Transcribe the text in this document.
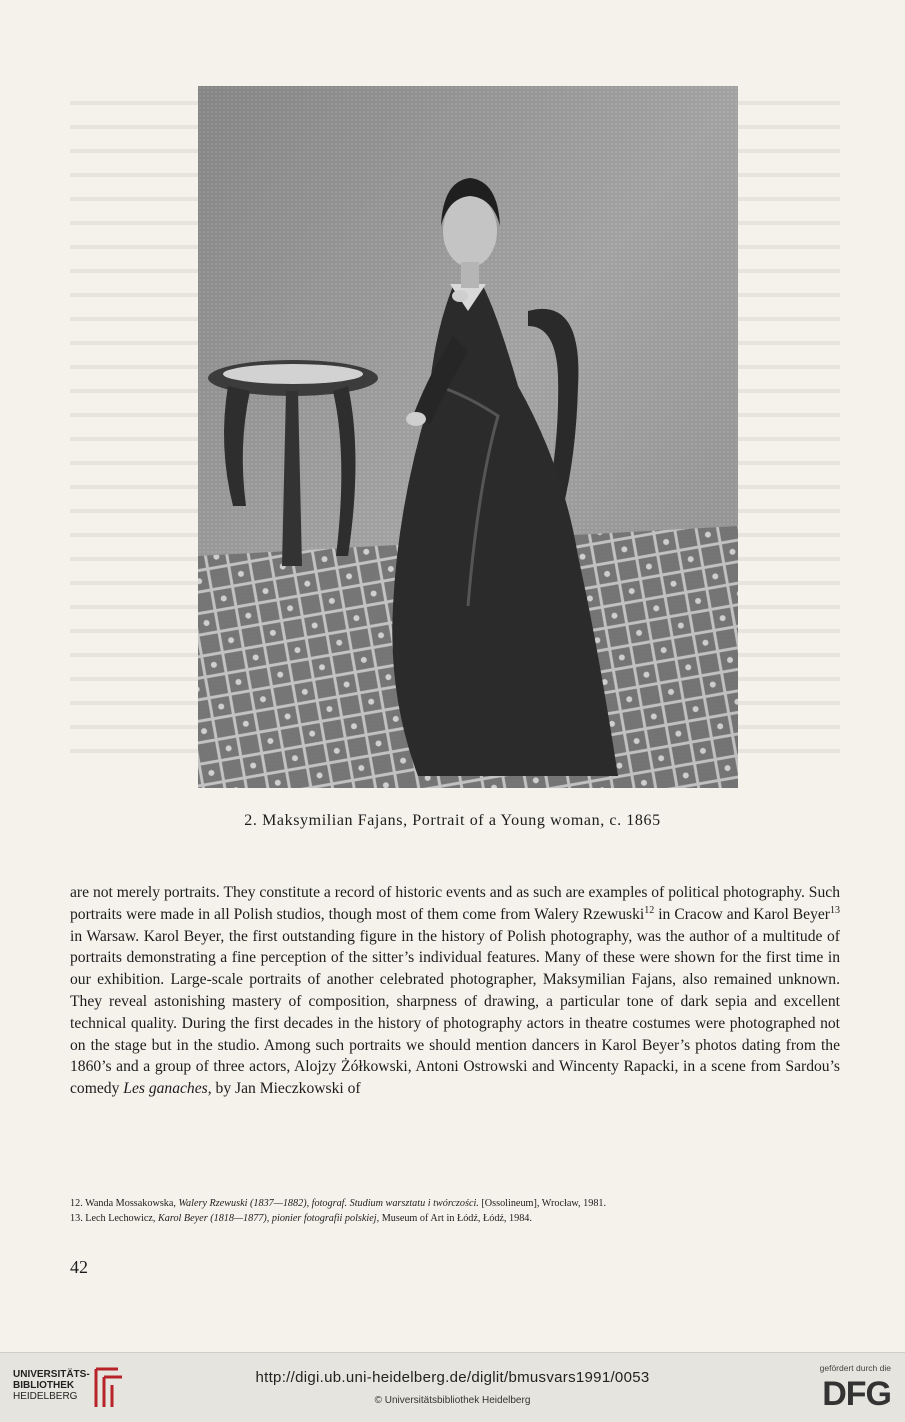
2. Maksymilian Fajans, Portrait of a Young woman, c. 1865

are not merely portraits. They constitute a record of historic events and as such are examples of political photography. Such portraits were made in all Polish studios, though most of them come from Walery Rzewuski$^{12}$ in Cracow and Karol Beyer$^{13}$ in Warsaw. Karol Beyer, the first outstanding figure in the history of Polish photography, was the author of a multitude of portraits demonstrating a fine perception of the sitter’s individual features. Many of these were shown for the first time in our exhibition. Large-scale portraits of another celebrated photographer, Maksymilian Fajans, also remained unknown. They reveal astonishing mastery of composition, sharpness of drawing, a particular tone of dark sepia and excellent technical quality. During the first decades in the history of photography actors in theatre costumes were photographed not on the stage but in the studio. Among such portraits we should mention dancers in Karol Beyer’s photos dating from the 1860’s and a group of three actors, Alojzy Żółkowski, Antoni Ostrowski and Wincenty Rapacki, in a scene from Sardou’s comedy Les ganaches, by Jan Mieczkowski of

12. Wanda Mossakowska, Walery Rzewuski (1837—1882), fotograf. Studium warsztatu i twórczości. [Ossolineum], Wrocław, 1981.
13. Lech Lechowicz, Karol Beyer (1818—1877), pionier fotografii polskiej, Museum of Art in Łódź, Łódź, 1984.
42
UNIVERSITÄTS-
BIBLIOTHEK
HEIDELBERG
http://digi.ub.uni-heidelberg.de/diglit/bmusvars1991/0053
© Universitätsbibliothek Heidelberg
gefördert durch die
DFG
